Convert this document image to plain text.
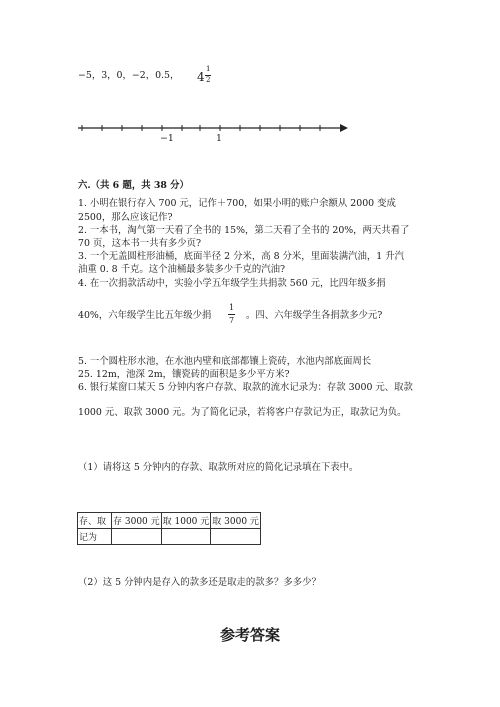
−5，3，0，−2，0.5， 4
1
2
−1	1
六.（共 6 题，共 38 分）
1. 小明在银行存入 700 元，记作＋700，如果小明的账户余额从 2000 变成
2500，那么应该记作?
2. 一本书，淘气第一天看了全书的 15%，第二天看了全书的 20%，两天共看了
70 页，这本书一共有多少页?
3. 一个无盖圆柱形油桶，底面半径 2 分米，高 8 分米，里面装满汽油，1 升汽
油重 0. 8 千克。这个油桶最多装多少千克的汽油?
4. 在一次捐款活动中，实验小学五年级学生共捐款 560 元，比四年级多捐
40%，六年级学生比五年级少捐
1
7 。四、六年级学生各捐款多少元?
5. 一个圆柱形水池，在水池内壁和底部都镶上瓷砖，水池内部底面周长
25. 12m，池深 2m，镶瓷砖的面积是多少平方米?
6. 银行某窗口某天 5 分钟内客户存款、取款的流水记录为：存款 3000 元、取款
1000 元、取款 3000 元。为了简化记录，若将客户存款记为正，取款记为负。
（1）请将这 5 分钟内的存款、取款所对应的简化记录填在下表中。
存、取	存 3000 元	取 1000 元	取 3000 元
记为			
（2）这 5 分钟内是存入的款多还是取走的款多？多多少？
参考答案
